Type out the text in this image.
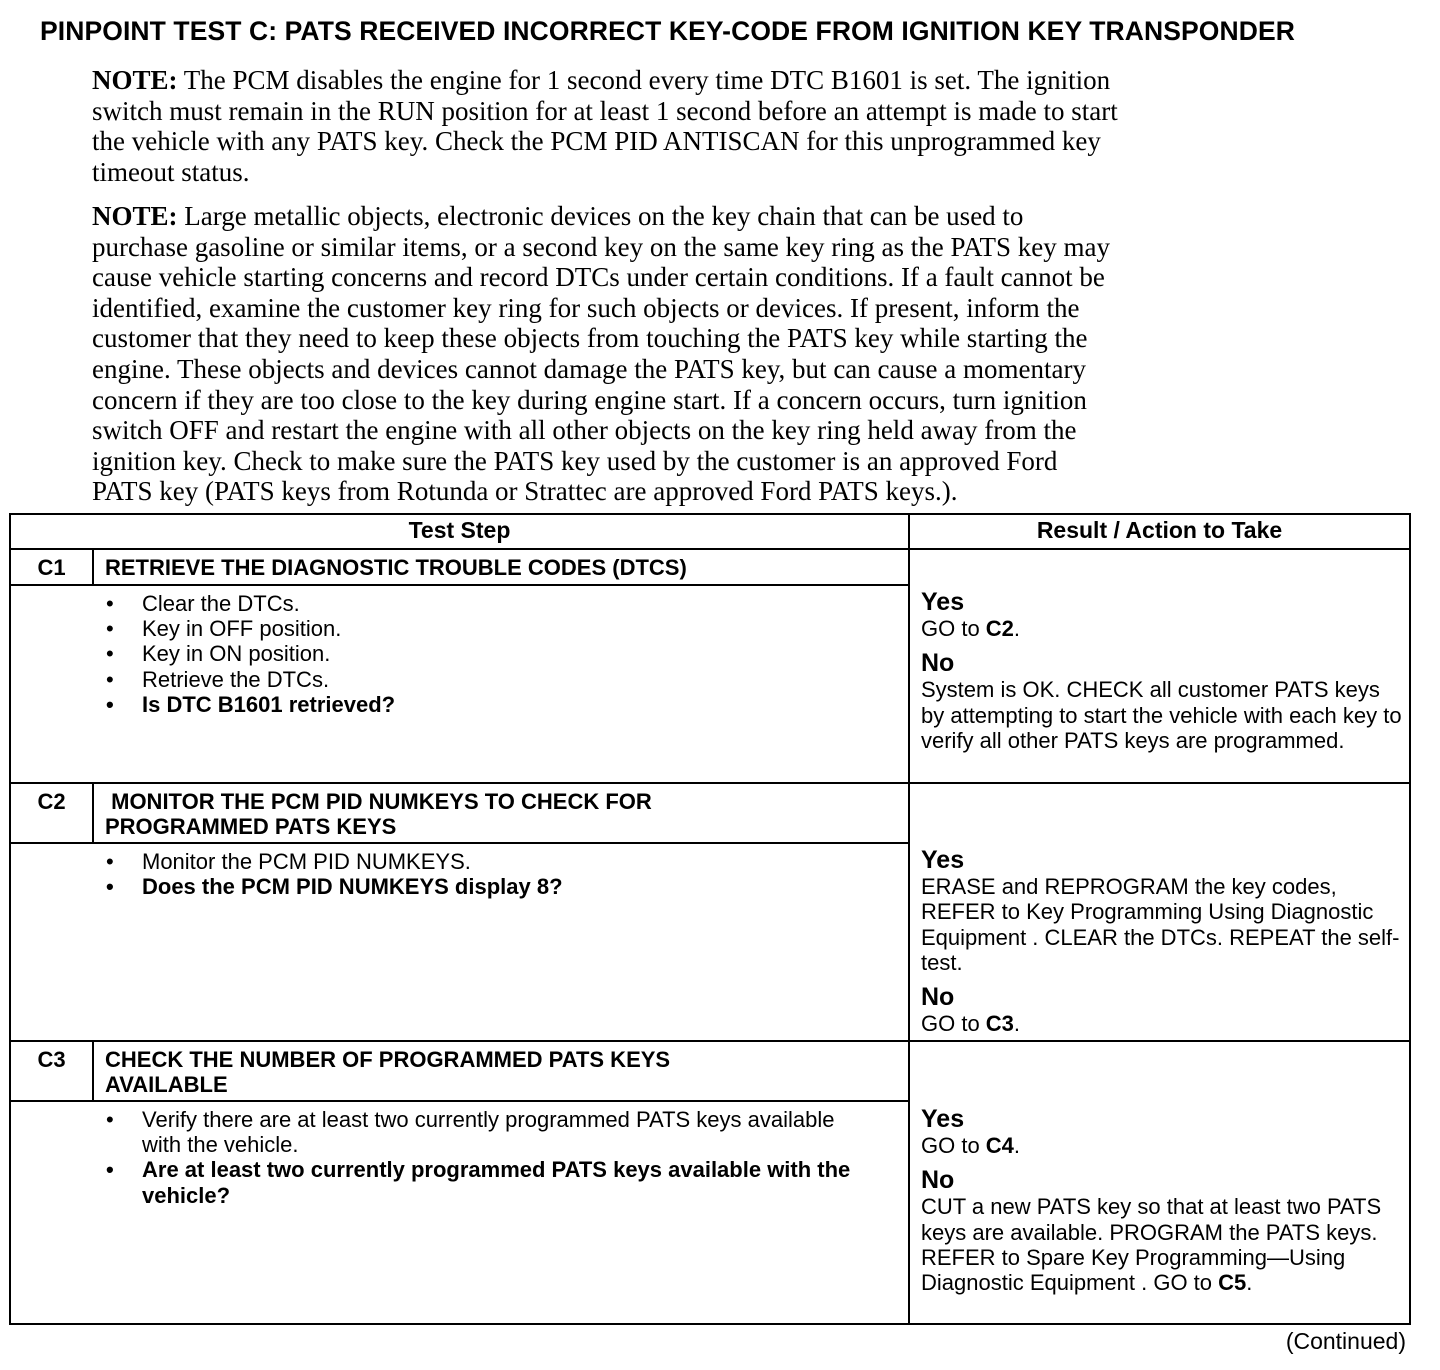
PINPOINT TEST C: PATS RECEIVED INCORRECT KEY-CODE FROM IGNITION KEY TRANSPONDER
NOTE: The PCM disables the engine for 1 second every time DTC B1601 is set. The ignition
switch must remain in the RUN position for at least 1 second before an attempt is made to start
the vehicle with any PATS key. Check the PCM PID ANTISCAN for this unprogrammed key
timeout status.
NOTE: Large metallic objects, electronic devices on the key chain that can be used to
purchase gasoline or similar items, or a second key on the same key ring as the PATS key may
cause vehicle starting concerns and record DTCs under certain conditions. If a fault cannot be
identified, examine the customer key ring for such objects or devices. If present, inform the
customer that they need to keep these objects from touching the PATS key while starting the
engine. These objects and devices cannot damage the PATS key, but can cause a momentary
concern if they are too close to the key during engine start. If a concern occurs, turn ignition
switch OFF and restart the engine with all other objects on the key ring held away from the
ignition key. Check to make sure the PATS key used by the customer is an approved Ford
PATS key (PATS keys from Rotunda or Strattec are approved Ford PATS keys.).
Test Step	Result / Action to Take
C1	RETRIEVE THE DIAGNOSTIC TROUBLE CODES (DTCS)
• Clear the DTCs.
• Key in OFF position.
• Key in ON position.
• Retrieve the DTCs.
• Is DTC B1601 retrieved?
Yes
GO to C2.
No
System is OK. CHECK all customer PATS keys by attempting to start the vehicle with each key to verify all other PATS keys are programmed.
C2	MONITOR THE PCM PID NUMKEYS TO CHECK FOR
PROGRAMMED PATS KEYS
• Monitor the PCM PID NUMKEYS.
• Does the PCM PID NUMKEYS display 8?
Yes
ERASE and REPROGRAM the key codes, REFER to Key Programming Using Diagnostic Equipment . CLEAR the DTCs. REPEAT the self-test.
No
GO to C3.
C3	CHECK THE NUMBER OF PROGRAMMED PATS KEYS
AVAILABLE
• Verify there are at least two currently programmed PATS keys available with the vehicle.
• Are at least two currently programmed PATS keys available with the vehicle?
Yes
GO to C4.
No
CUT a new PATS key so that at least two PATS keys are available. PROGRAM the PATS keys. REFER to Spare Key Programming—Using Diagnostic Equipment . GO to C5.
(Continued)
